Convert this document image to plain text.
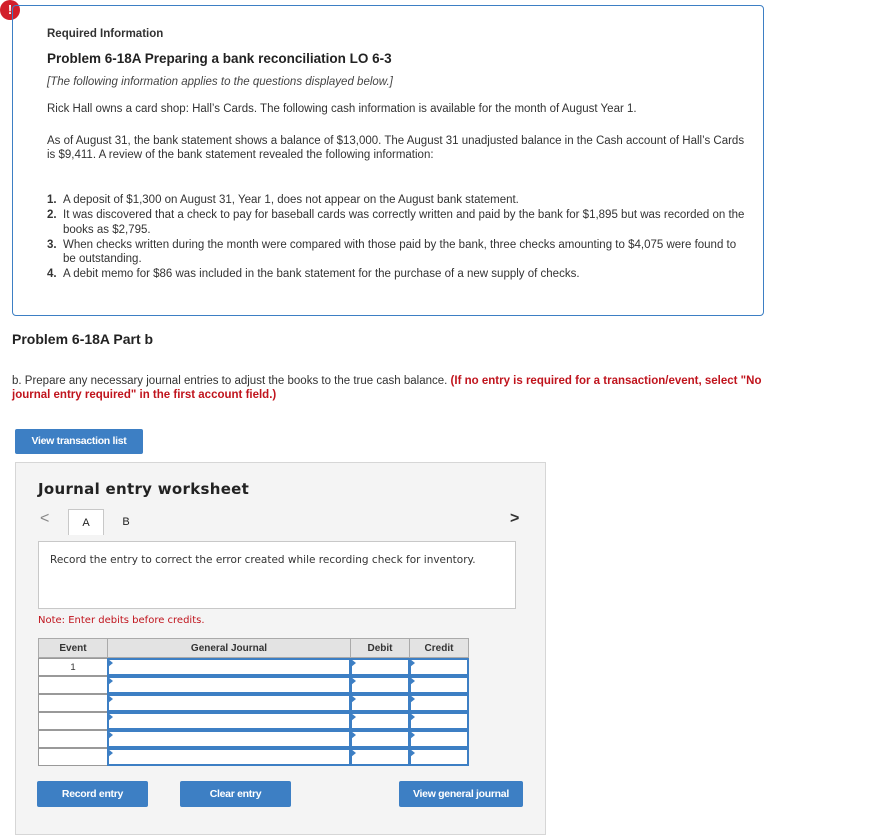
!
Required Information
Problem 6-18A Preparing a bank reconciliation LO 6-3
[The following information applies to the questions displayed below.]
Rick Hall owns a card shop: Hall’s Cards. The following cash information is available for the month of August Year 1.
As of August 31, the bank statement shows a balance of $13,000. The August 31 unadjusted balance in the Cash account of Hall’s Cards is $9,411. A review of the bank statement revealed the following information:
1. A deposit of $1,300 on August 31, Year 1, does not appear on the August bank statement.
2. It was discovered that a check to pay for baseball cards was correctly written and paid by the bank for $1,895 but was recorded on the books as $2,795.
3. When checks written during the month were compared with those paid by the bank, three checks amounting to $4,075 were found to be outstanding.
4. A debit memo for $86 was included in the bank statement for the purchase of a new supply of checks.
Problem 6-18A Part b
b. Prepare any necessary journal entries to adjust the books to the true cash balance. (If no entry is required for a transaction/event, select "No journal entry required" in the first account field.)
View transaction list
Journal entry worksheet
<	A	B	>
Record the entry to correct the error created while recording check for inventory.
Note: Enter debits before credits.
Event	General Journal	Debit	Credit
1
Record entry	Clear entry	View general journal
